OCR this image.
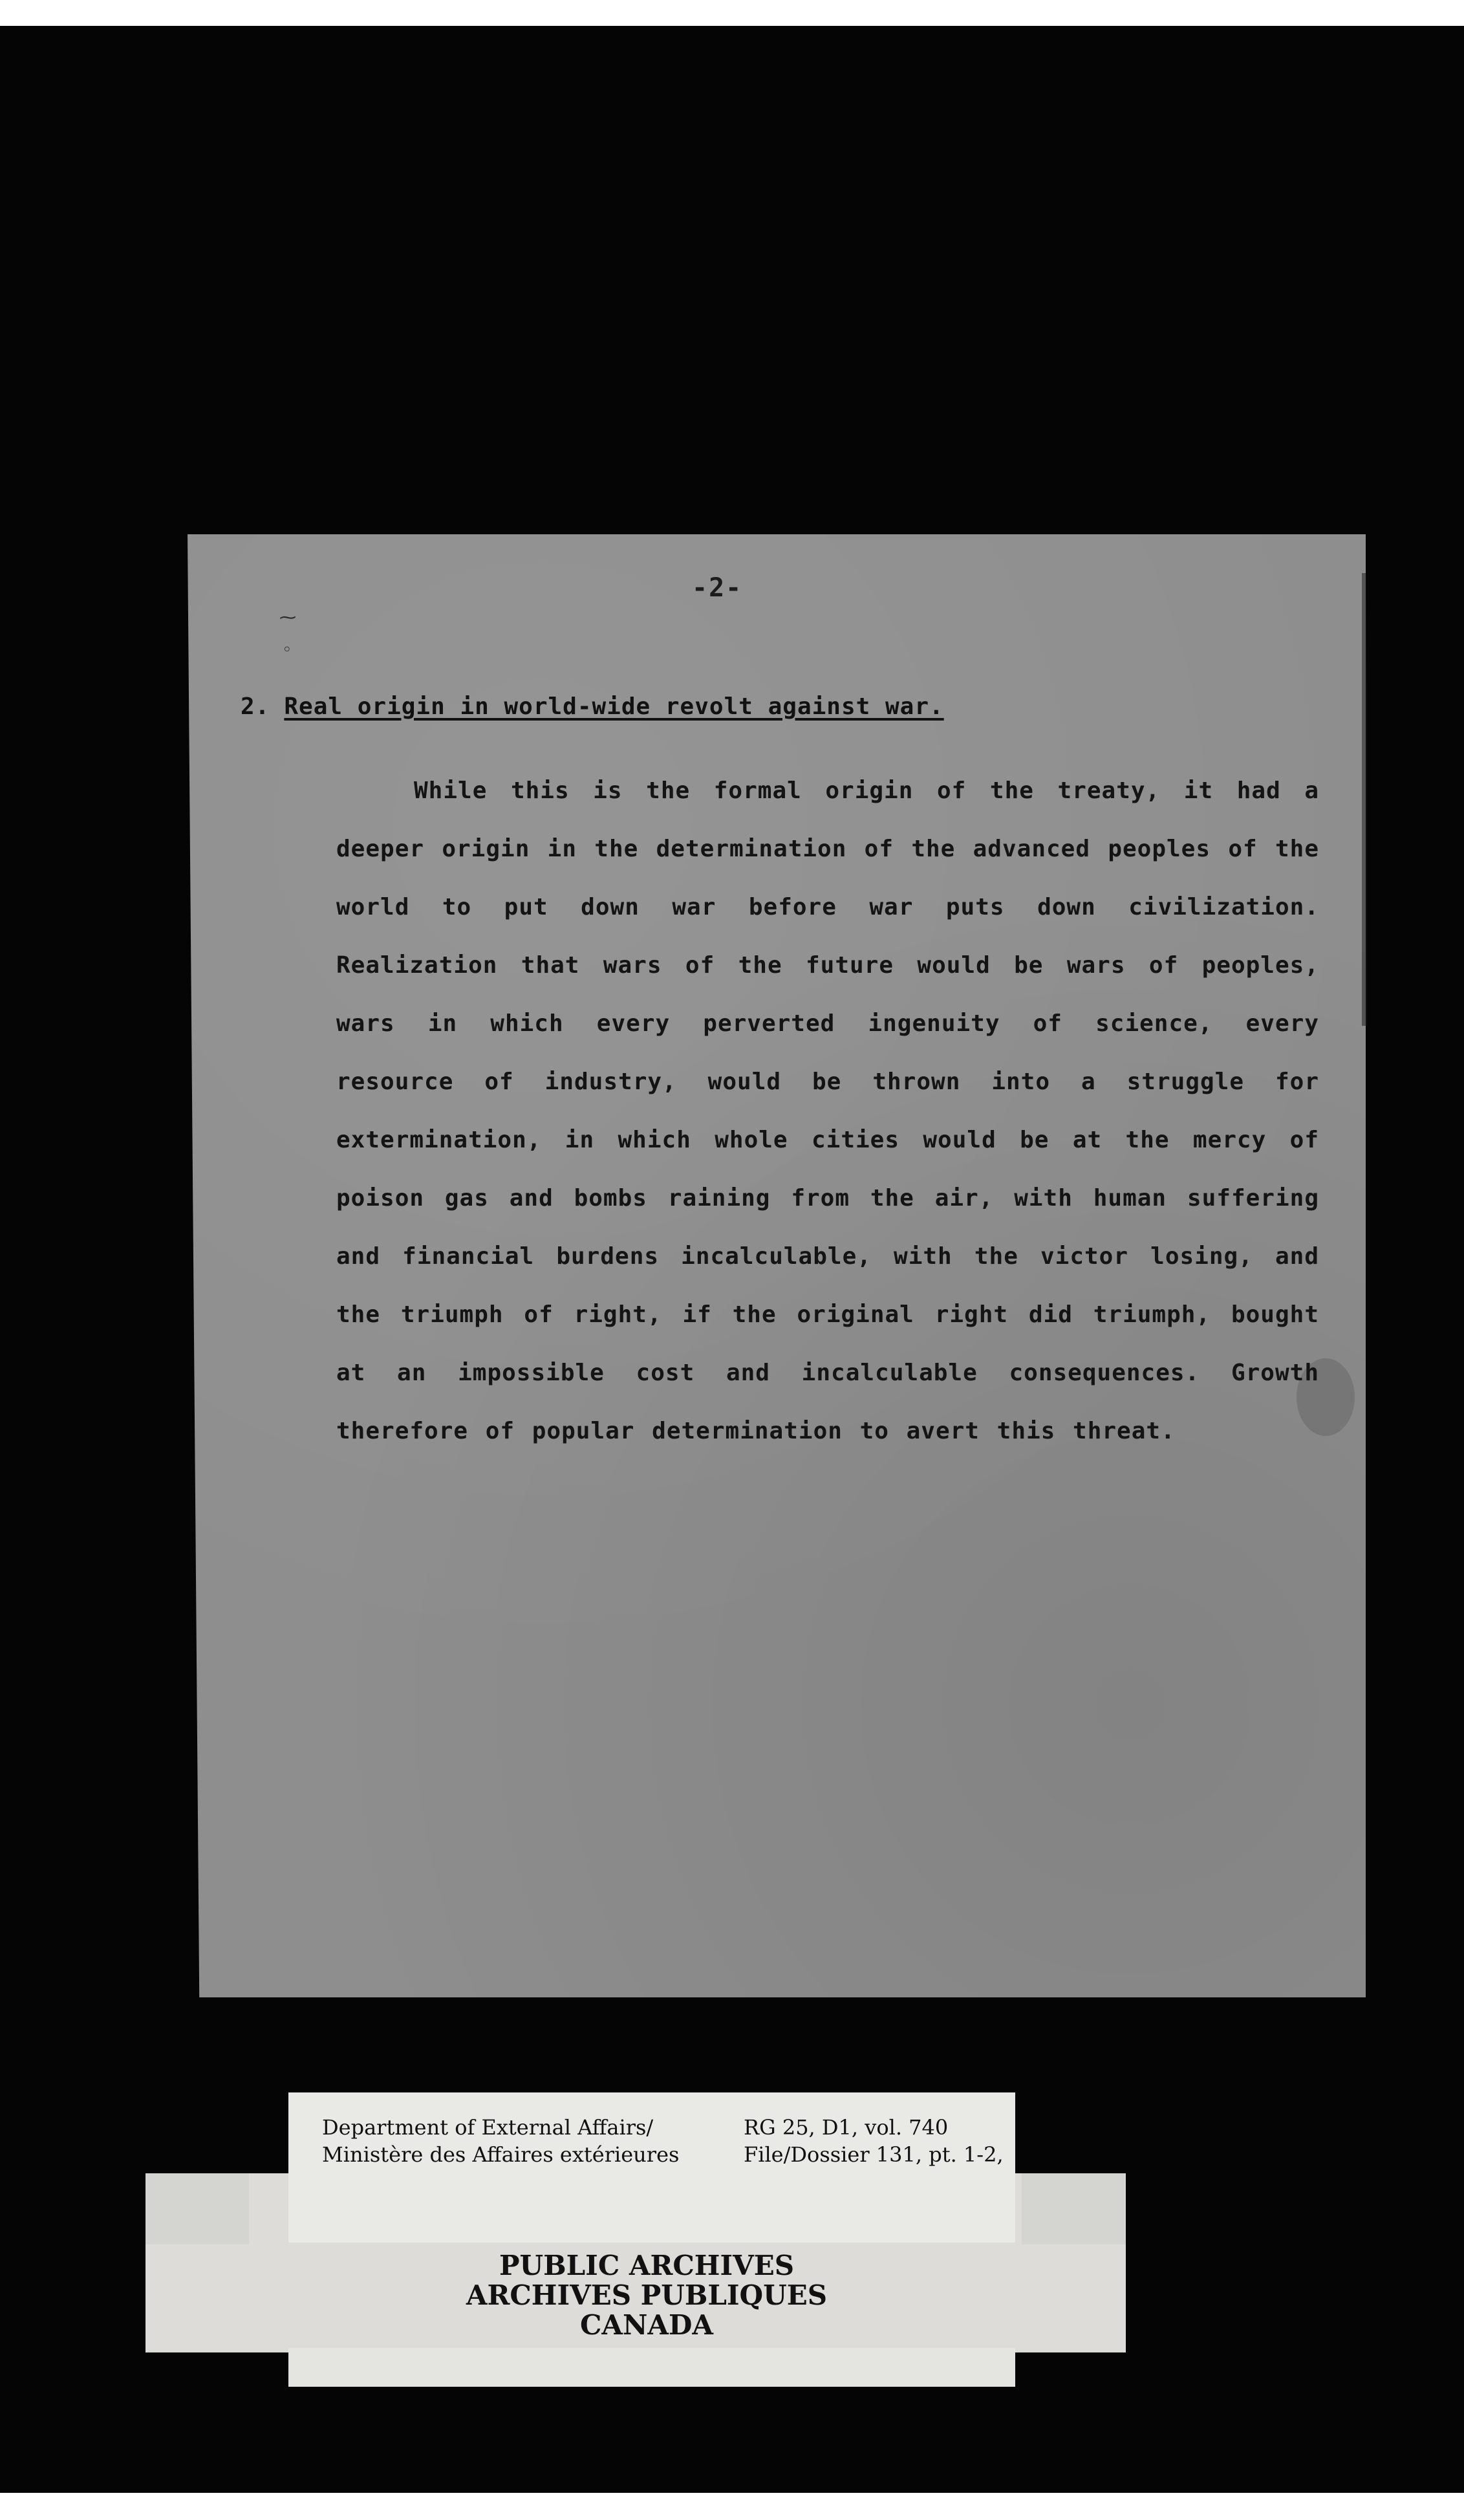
⁓
◦
-2-
2. Real origin in world-wide revolt against war.

While this is the formal origin of the treaty, it had a deeper origin in the determination of the advanced peoples of the world to put down war before war puts down civilization. Realization that wars of the future would be wars of peoples, wars in which every perverted ingenuity of science, every resource of industry, would be thrown into a struggle for extermination, in which whole cities would be at the mercy of poison gas and bombs raining from the air, with human suffering and financial burdens incalculable, with the victor losing, and the triumph of right, if the original right did triumph, bought at an impossible cost and incalculable consequences. Growth therefore of popular determination to avert this threat.

Department of External Affairs/
Ministère des Affaires extérieures
RG 25, D1, vol. 740
File/Dossier 131, pt. 1-2,
PUBLIC ARCHIVES
ARCHIVES PUBLIQUES
CANADA
